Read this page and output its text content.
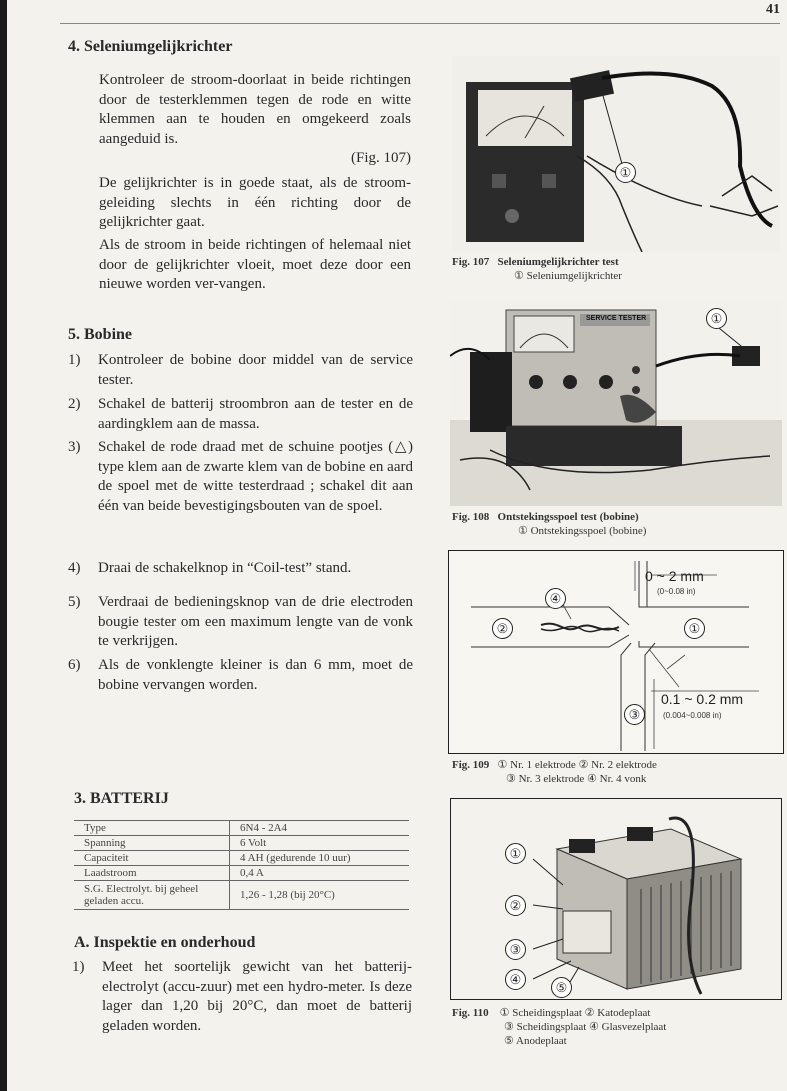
41
4. Seleniumgelijkrichter

Kontroleer de stroom-doorlaat in beide richtingen door de testerklemmen tegen de rode en witte klemmen aan te houden en omgekeerd zoals aangeduid is.

(Fig. 107)

De gelijkrichter is in goede staat, als de stroom-geleiding slechts in één richting door de gelijkrichter gaat.

Als de stroom in beide richtingen of helemaal niet door de gelijkrichter vloeit, moet deze door een nieuwe worden ver-vangen.

5. Bobine
1)	Kontroleer de bobine door middel van de service tester.
2)	Schakel de batterij stroombron aan de tester en de aardingklem aan de massa.
3)	Schakel de rode draad met de schuine pootjes (△) type klem aan de zwarte klem van de bobine en aard de spoel met de witte testerdraad ; schakel dit aan één van beide bevestigingsbouten van de spoel.
4)	Draai de schakelknop in “Coil-test” stand.
5)	Verdraai de bedieningsknop van de drie electroden bougie tester om een maximum lengte van de vonk te verkrijgen.
6)	Als de vonklengte kleiner is dan 6 mm, moet de bobine vervangen worden.
3. BATTERIJ
A. Inspektie en onderhoud
1)	Meet het soortelijk gewicht van het batterij-electrolyt (accu-zuur) met een hydro-meter. Is deze lager dan 1,20 bij 20°C, dan moet de batterij geladen worden.
Type	6N4 - 2A4
Spanning	6 Volt
Capaciteit	4 AH (gedurende 10 uur)
Laadstroom	0,4 A
S.G. Electrolyt. bij geheel geladen accu.	1,26 - 1,28 (bij 20°C)
①
Fig. 107 Seleniumgelijkrichter test
① Seleniumgelijkrichter
SERVICE TESTER	①
Fig. 108 Ontstekingsspoel test (bobine)
① Ontstekingsspoel (bobine)
0 ~ 2 mm
(0~0.08 in)
0.1 ~ 0.2 mm
(0.004~0.008 in)
④
②	①
③
Fig. 109 ① Nr. 1 elektrode ② Nr. 2 elektrode
③ Nr. 3 elektrode ④ Nr. 4 vonk
①
②
③
④
⑤
Fig. 110 ① Scheidingsplaat ② Katodeplaat
③ Scheidingsplaat ④ Glasvezelplaat
⑤ Anodeplaat
